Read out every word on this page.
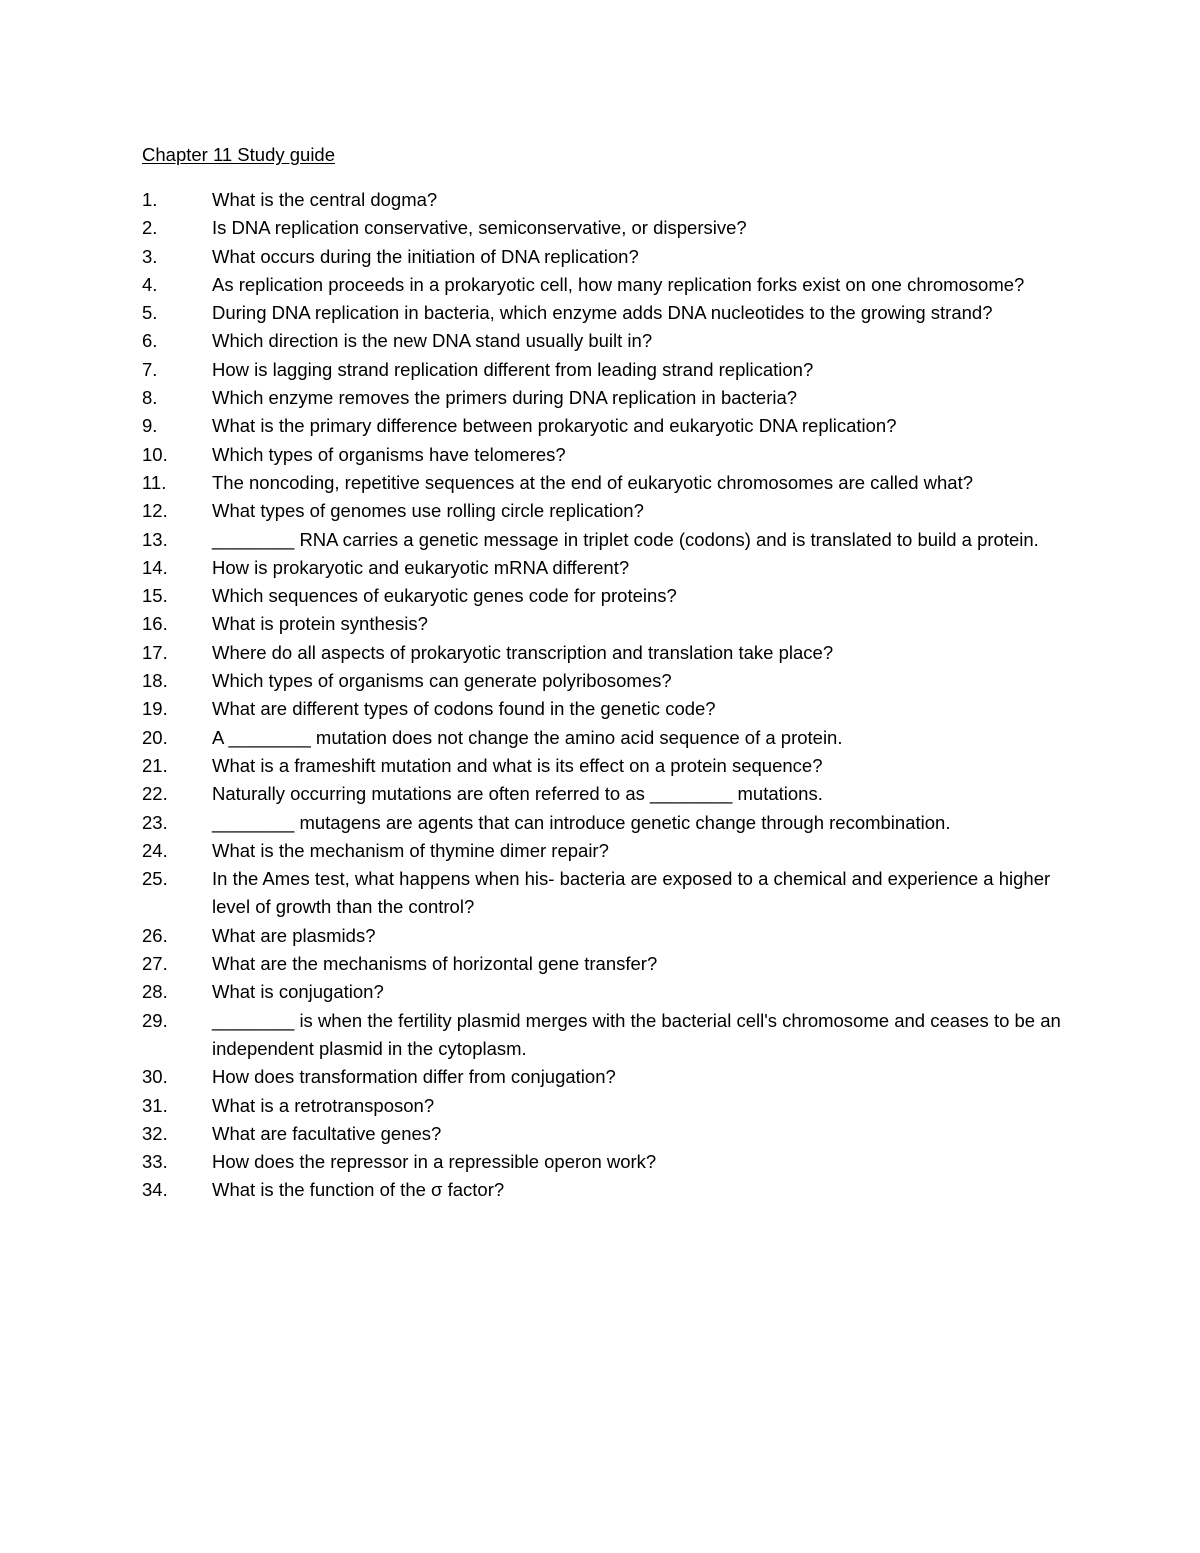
Chapter 11 Study guide
1.	What is the central dogma?
2.	Is DNA replication conservative, semiconservative, or dispersive?
3.	What occurs during the initiation of DNA replication?
4.	As replication proceeds in a prokaryotic cell, how many replication forks exist on one chromosome?
5.	During DNA replication in bacteria, which enzyme adds DNA nucleotides to the growing strand?
6.	Which direction is the new DNA stand usually built in?
7.	How is lagging strand replication different from leading strand replication?
8.	Which enzyme removes the primers during DNA replication in bacteria?
9.	What is the primary difference between prokaryotic and eukaryotic DNA replication?
10.	Which types of organisms have telomeres?
11.	The noncoding, repetitive sequences at the end of eukaryotic chromosomes are called what?
12.	What types of genomes use rolling circle replication?
13.	________ RNA carries a genetic message in triplet code (codons) and is translated to build a protein.
14.	How is prokaryotic and eukaryotic mRNA different?
15.	Which sequences of eukaryotic genes code for proteins?
16.	What is protein synthesis?
17.	Where do all aspects of prokaryotic transcription and translation take place?
18.	Which types of organisms can generate polyribosomes?
19.	What are different types of codons found in the genetic code?
20.	A ________ mutation does not change the amino acid sequence of a protein.
21.	What is a frameshift mutation and what is its effect on a protein sequence?
22.	Naturally occurring mutations are often referred to as ________ mutations.
23.	________ mutagens are agents that can introduce genetic change through recombination.
24.	What is the mechanism of thymine dimer repair?
25.	In the Ames test, what happens when his- bacteria are exposed to a chemical and experience a higher level of growth than the control?
26.	What are plasmids?
27.	What are the mechanisms of horizontal gene transfer?
28.	What is conjugation?
29.	________ is when the fertility plasmid merges with the bacterial cell's chromosome and ceases to be an independent plasmid in the cytoplasm.
30.	How does transformation differ from conjugation?
31.	What is a retrotransposon?
32.	What are facultative genes?
33.	How does the repressor in a repressible operon work?
34.	What is the function of the σ factor?
